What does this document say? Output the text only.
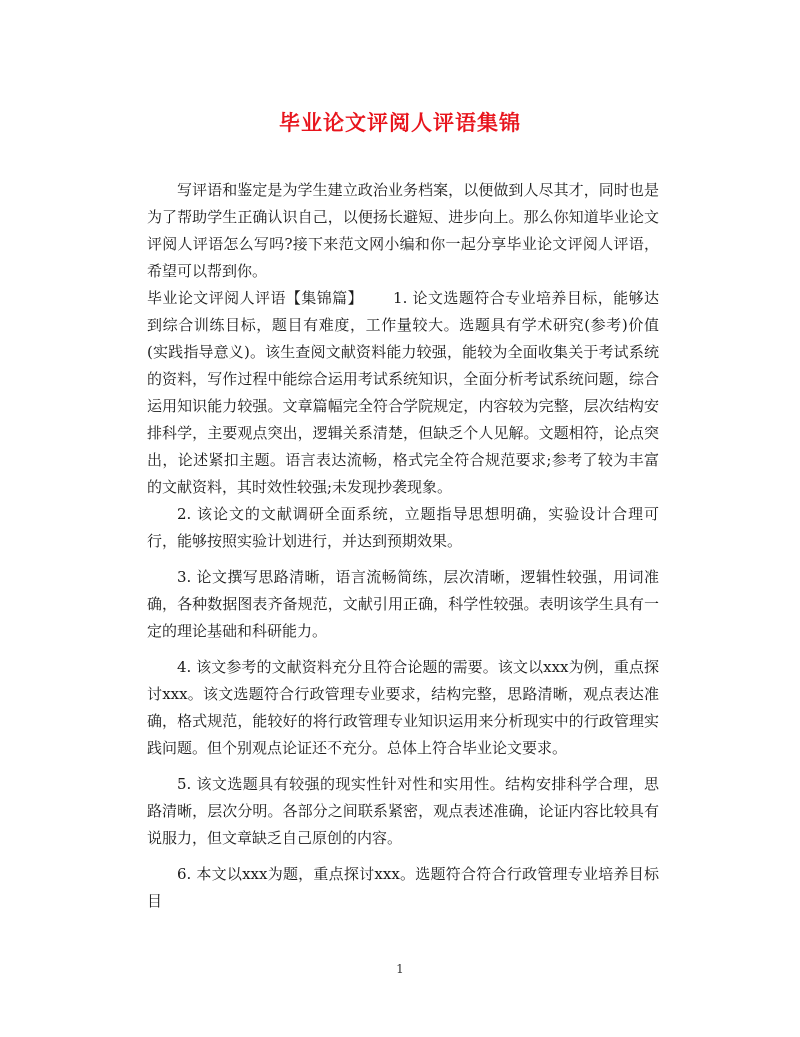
毕业论文评阅人评语集锦

写评语和鉴定是为学生建立政治业务档案，以便做到人尽其才，同时也是为了帮助学生正确认识自己，以便扬长避短、进步向上。那么你知道毕业论文评阅人评语怎么写吗?接下来范文网小编和你一起分享毕业论文评阅人评语，希望可以帮到你。

毕业论文评阅人评语【集锦篇】 1. 论文选题符合专业培养目标，能够达到综合训练目标，题目有难度，工作量较大。选题具有学术研究(参考)价值(实践指导意义)。该生查阅文献资料能力较强，能较为全面收集关于考试系统的资料，写作过程中能综合运用考试系统知识，全面分析考试系统问题，综合运用知识能力较强。文章篇幅完全符合学院规定，内容较为完整，层次结构安排科学，主要观点突出，逻辑关系清楚，但缺乏个人见解。文题相符，论点突出，论述紧扣主题。语言表达流畅，格式完全符合规范要求;参考了较为丰富的文献资料，其时效性较强;未发现抄袭现象。

2. 该论文的文献调研全面系统，立题指导思想明确，实验设计合理可行，能够按照实验计划进行，并达到预期效果。

3. 论文撰写思路清晰，语言流畅简练，层次清晰，逻辑性较强，用词准确，各种数据图表齐备规范，文献引用正确，科学性较强。表明该学生具有一定的理论基础和科研能力。

4. 该文参考的文献资料充分且符合论题的需要。该文以xxx为例，重点探讨xxx。该文选题符合行政管理专业要求，结构完整，思路清晰，观点表达准确，格式规范，能较好的将行政管理专业知识运用来分析现实中的行政管理实践问题。但个别观点论证还不充分。总体上符合毕业论文要求。

5. 该文选题具有较强的现实性针对性和实用性。结构安排科学合理，思路清晰，层次分明。各部分之间联系紧密，观点表述准确，论证内容比较具有说服力，但文章缺乏自己原创的内容。

6. 本文以xxx为题，重点探讨xxx。选题符合符合行政管理专业培养目标目

1
